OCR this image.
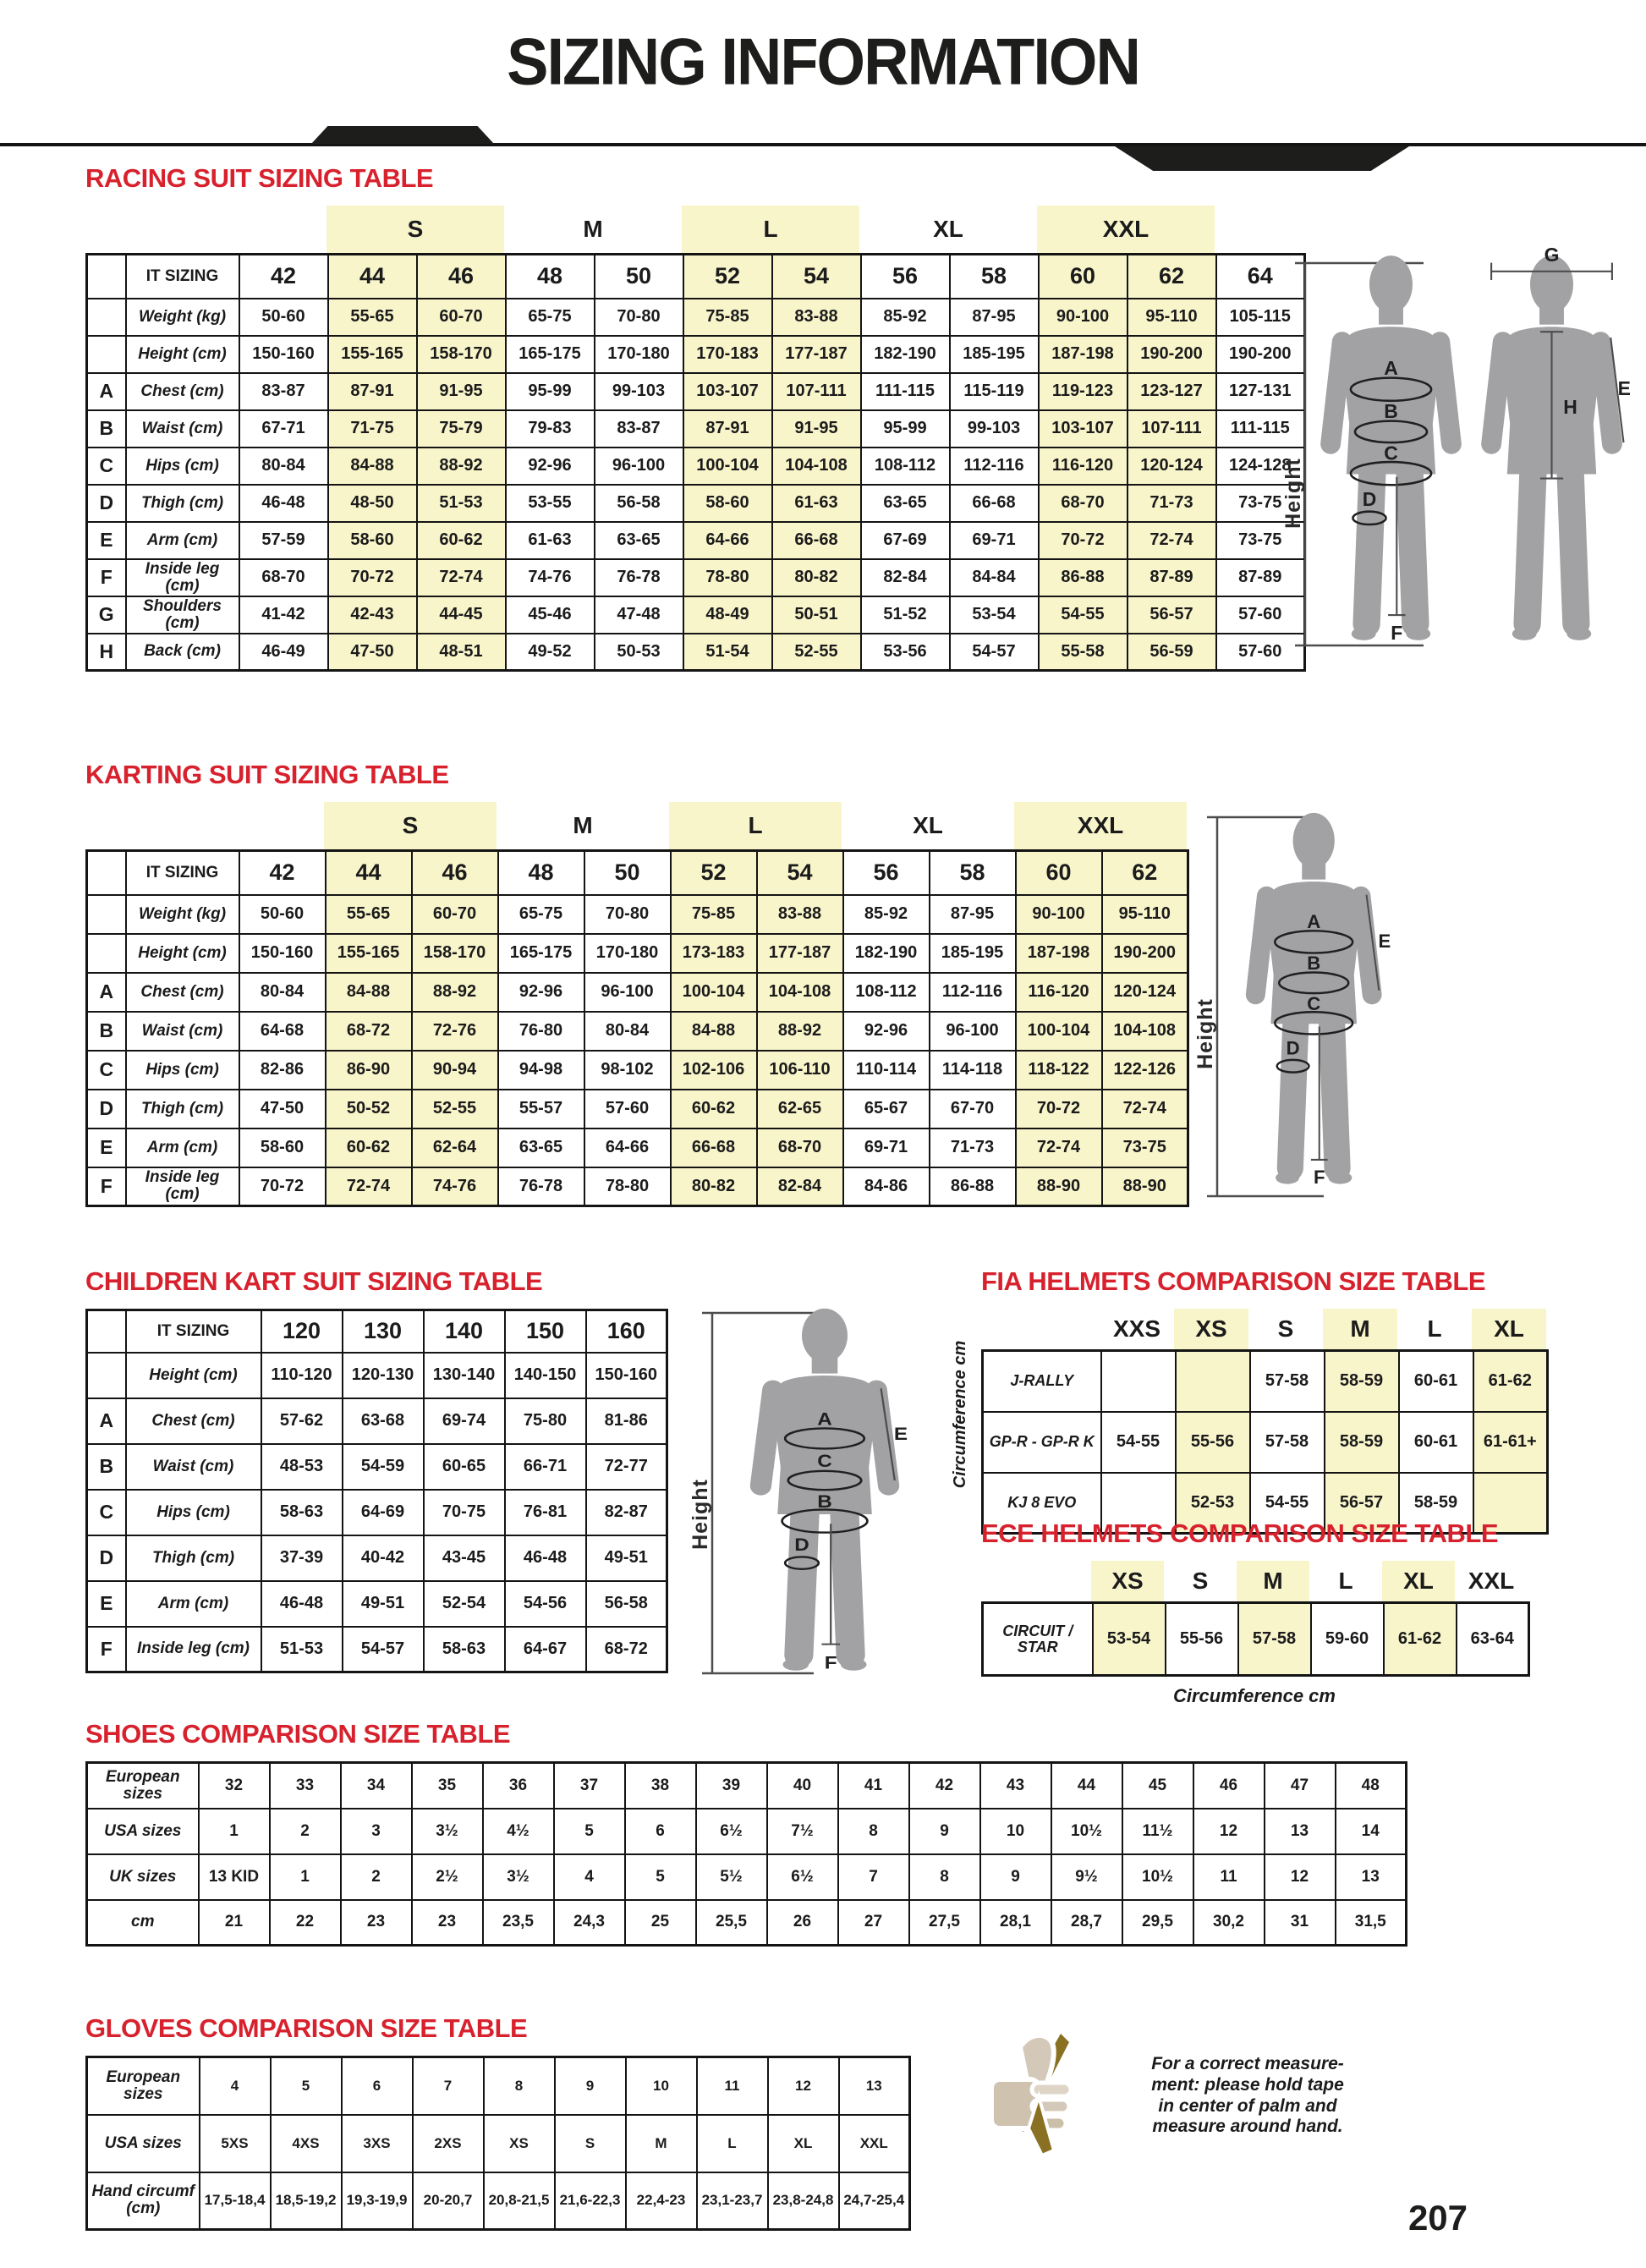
SIZING INFORMATION
RACING SUIT SIZING TABLE
S	M	L	XL	XXL
	IT SIZING	42	44	46	48	50	52	54	56	58	60	62	64
	Weight (kg)	50-60	55-65	60-70	65-75	70-80	75-85	83-88	85-92	87-95	90-100	95-110	105-115
	Height (cm)	150-160	155-165	158-170	165-175	170-180	170-183	177-187	182-190	185-195	187-198	190-200	190-200
A	Chest (cm)	83-87	87-91	91-95	95-99	99-103	103-107	107-111	111-115	115-119	119-123	123-127	127-131
B	Waist (cm)	67-71	71-75	75-79	79-83	83-87	87-91	91-95	95-99	99-103	103-107	107-111	111-115
C	Hips (cm)	80-84	84-88	88-92	92-96	96-100	100-104	104-108	108-112	112-116	116-120	120-124	124-128
D	Thigh (cm)	46-48	48-50	51-53	53-55	56-58	58-60	61-63	63-65	66-68	68-70	71-73	73-75
E	Arm (cm)	57-59	58-60	60-62	61-63	63-65	64-66	66-68	67-69	69-71	70-72	72-74	73-75
F	Inside leg (cm)	68-70	70-72	72-74	74-76	76-78	78-80	80-82	82-84	84-84	86-88	87-89	87-89
G	Shoulders (cm)	41-42	42-43	44-45	45-46	47-48	48-49	50-51	51-52	53-54	54-55	56-57	57-60
H	Back (cm)	46-49	47-50	48-51	49-52	50-53	51-54	52-55	53-56	54-57	55-58	56-59	57-60
KARTING SUIT SIZING TABLE
S	M	L	XL	XXL
	IT SIZING	42	44	46	48	50	52	54	56	58	60	62
	Weight (kg)	50-60	55-65	60-70	65-75	70-80	75-85	83-88	85-92	87-95	90-100	95-110
	Height (cm)	150-160	155-165	158-170	165-175	170-180	173-183	177-187	182-190	185-195	187-198	190-200
A	Chest (cm)	80-84	84-88	88-92	92-96	96-100	100-104	104-108	108-112	112-116	116-120	120-124
B	Waist (cm)	64-68	68-72	72-76	76-80	80-84	84-88	88-92	92-96	96-100	100-104	104-108
C	Hips (cm)	82-86	86-90	90-94	94-98	98-102	102-106	106-110	110-114	114-118	118-122	122-126
D	Thigh (cm)	47-50	50-52	52-55	55-57	57-60	60-62	62-65	65-67	67-70	70-72	72-74
E	Arm (cm)	58-60	60-62	62-64	63-65	64-66	66-68	68-70	69-71	71-73	72-74	73-75
F	Inside leg (cm)	70-72	72-74	74-76	76-78	78-80	80-82	82-84	84-86	86-88	88-90	88-90
CHILDREN KART SUIT SIZING TABLE
	IT SIZING	120	130	140	150	160
	Height (cm)	110-120	120-130	130-140	140-150	150-160
A	Chest (cm)	57-62	63-68	69-74	75-80	81-86
B	Waist (cm)	48-53	54-59	60-65	66-71	72-77
C	Hips (cm)	58-63	64-69	70-75	76-81	82-87
D	Thigh (cm)	37-39	40-42	43-45	46-48	49-51
E	Arm (cm)	46-48	49-51	52-54	54-56	56-58
F	Inside leg (cm)	51-53	54-57	58-63	64-67	68-72
FIA HELMETS COMPARISON SIZE TABLE
XXS	XS	S	M	L	XL
J-RALLY			57-58	58-59	60-61	61-62
GP-R - GP-R K	54-55	55-56	57-58	58-59	60-61	61-61+
KJ 8 EVO		52-53	54-55	56-57	58-59	
Circumference cm
ECE HELMETS COMPARISON SIZE TABLE
XS	S	M	L	XL	XXL
CIRCUIT / STAR	53-54	55-56	57-58	59-60	61-62	63-64
Circumference cm
SHOES COMPARISON SIZE TABLE
European sizes	32	33	34	35	36	37	38	39	40	41	42	43	44	45	46	47	48
USA sizes	1	2	3	3½	4½	5	6	6½	7½	8	9	10	10½	11½	12	13	14
UK sizes	13 KID	1	2	2½	3½	4	5	5½	6½	7	8	9	9½	10½	11	12	13
cm	21	22	23	23	23,5	24,3	25	25,5	26	27	27,5	28,1	28,7	29,5	30,2	31	31,5
GLOVES COMPARISON SIZE TABLE
European sizes	4	5	6	7	8	9	10	11	12	13
USA sizes	5XS	4XS	3XS	2XS	XS	S	M	L	XL	XXL
Hand circumf (cm)	17,5-18,4	18,5-19,2	19,3-19,9	20-20,7	20,8-21,5	21,6-22,3	22,4-23	23,1-23,7	23,8-24,8	24,7-25,4
Height
A
B
C
D
F
G
H
E
Height
A
B
C
D
E
F
Height
A
C
B
D
E
F
For a correct measure-
ment: please hold tape
in center of palm and
measure around hand.
207
